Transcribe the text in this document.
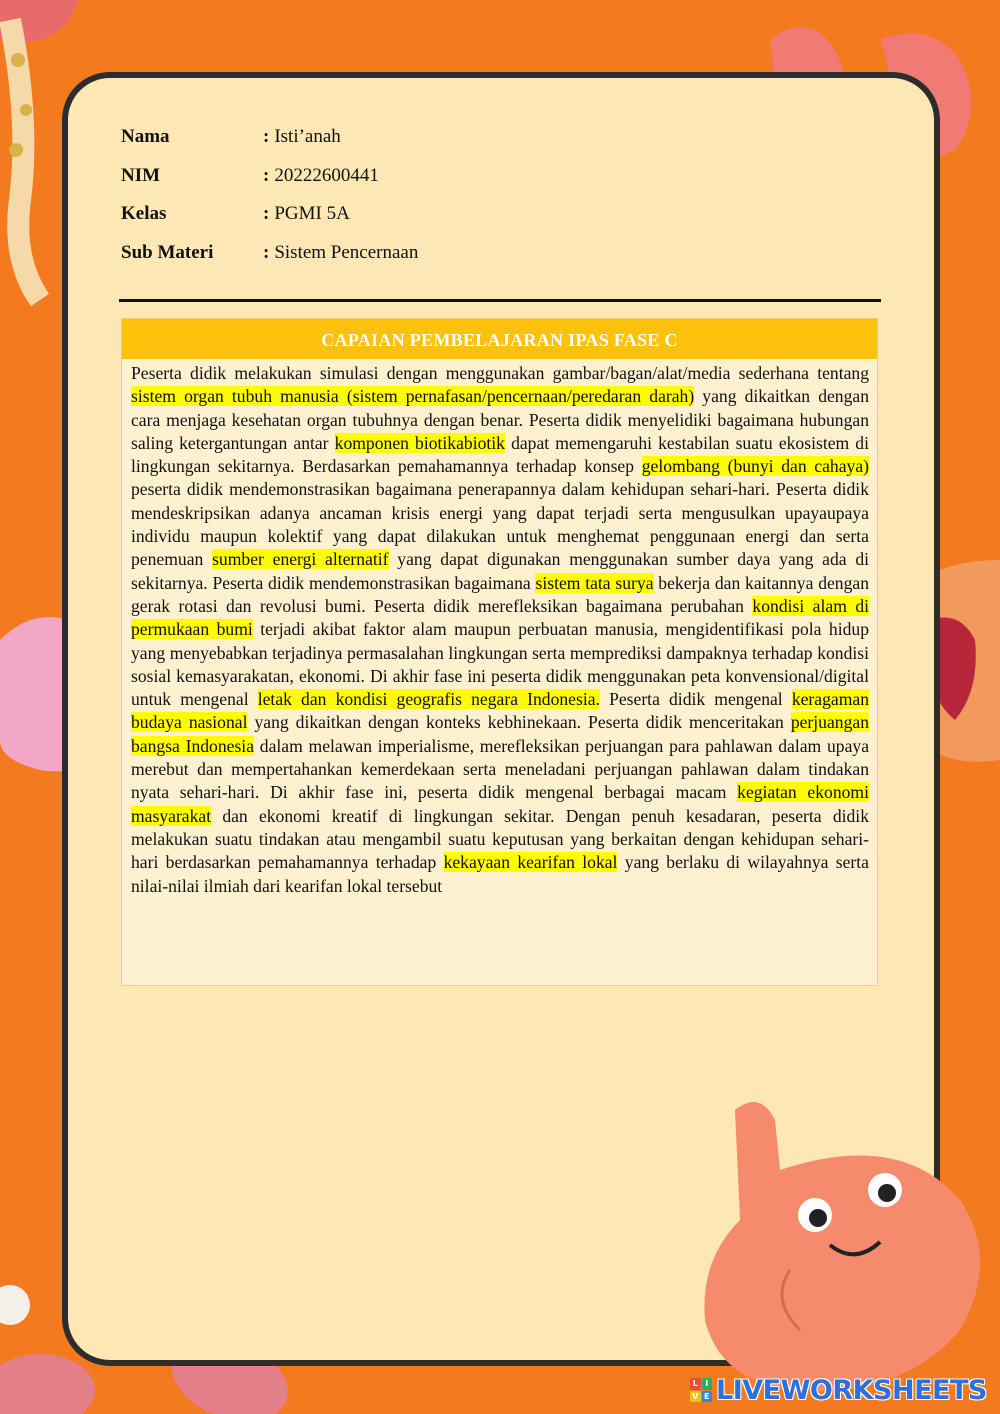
Nama	: Isti’anah
NIM	: 20222600441
Kelas	: PGMI 5A
Sub Materi	: Sistem Pencernaan
CAPAIAN PEMBELAJARAN IPAS FASE C
Peserta didik melakukan simulasi dengan menggunakan gambar/bagan/alat/media sederhana tentang sistem organ tubuh manusia (sistem pernafasan/pencernaan/peredaran darah) yang dikaitkan dengan cara menjaga kesehatan organ tubuhnya dengan benar. Peserta didik menyelidiki bagaimana hubungan saling ketergantungan antar komponen biotikabiotik dapat memengaruhi kestabilan suatu ekosistem di lingkungan sekitarnya. Berdasarkan pemahamannya terhadap konsep gelombang (bunyi dan cahaya) peserta didik mendemonstrasikan bagaimana penerapannya dalam kehidupan sehari-hari. Peserta didik mendeskripsikan adanya ancaman krisis energi yang dapat terjadi serta mengusulkan upayaupaya individu maupun kolektif yang dapat dilakukan untuk menghemat penggunaan energi dan serta penemuan sumber energi alternatif yang dapat digunakan menggunakan sumber daya yang ada di sekitarnya. Peserta didik mendemonstrasikan bagaimana sistem tata surya bekerja dan kaitannya dengan gerak rotasi dan revolusi bumi. Peserta didik merefleksikan bagaimana perubahan kondisi alam di permukaan bumi terjadi akibat faktor alam maupun perbuatan manusia, mengidentifikasi pola hidup yang menyebabkan terjadinya permasalahan lingkungan serta memprediksi dampaknya terhadap kondisi sosial kemasyarakatan, ekonomi. Di akhir fase ini peserta didik menggunakan peta konvensional/digital untuk mengenal letak dan kondisi geografis negara Indonesia. Peserta didik mengenal keragaman budaya nasional yang dikaitkan dengan konteks kebhinekaan. Peserta didik menceritakan perjuangan bangsa Indonesia dalam melawan imperialisme, merefleksikan perjuangan para pahlawan dalam upaya merebut dan mempertahankan kemerdekaan serta meneladani perjuangan pahlawan dalam tindakan nyata sehari-hari. Di akhir fase ini, peserta didik mengenal berbagai macam kegiatan ekonomi masyarakat dan ekonomi kreatif di lingkungan sekitar. Dengan penuh kesadaran, peserta didik melakukan suatu tindakan atau mengambil suatu keputusan yang berkaitan dengan kehidupan sehari-hari berdasarkan pemahamannya terhadap kekayaan kearifan lokal yang berlaku di wilayahnya serta nilai-nilai ilmiah dari kearifan lokal tersebut
L I
V E LIVEWORKSHEETS
